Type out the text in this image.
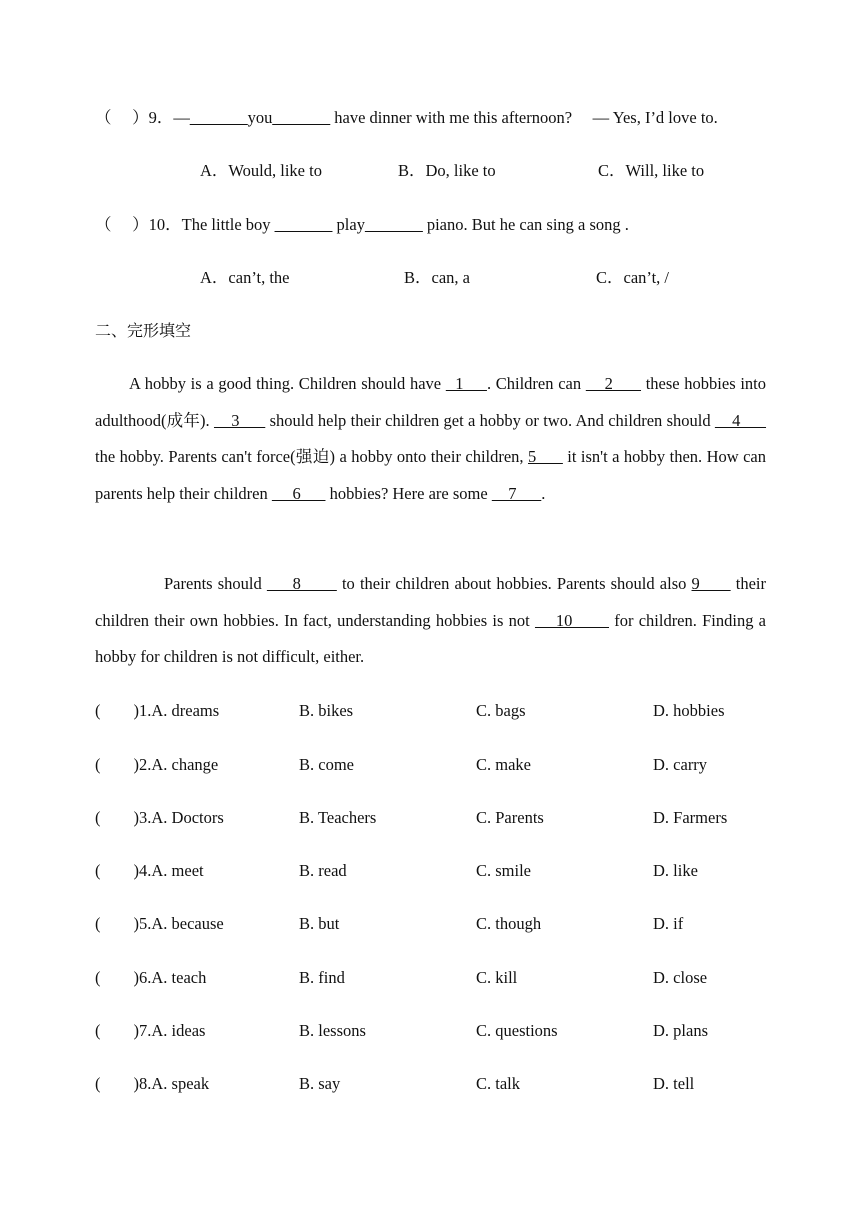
（　 ）9．—_______you_______ have dinner with me this afternoon?　 — Yes, I’d love to.
A．Would, like to	B．Do, like to	C．Will, like to
（　 ）10．The little boy _______ play_______ piano. But he can sing a song .
A．can’t, the	B．can, a	C．can’t, /
二、完形填空

A hobby is a good thing. Children should have   1     . Children can     2       these hobbies into adulthood(成年).     3       should help their children get a hobby or two. And children should     4       the hobby. Parents can't force(强迫) a hobby onto their children, 5       it isn't a hobby then. How can parents help their children      6       hobbies? Here are some     7      .

Parents should      8        to their children about hobbies. Parents should also 9       their children their own hobbies. In fact, understanding hobbies is not     10        for children. Finding a hobby for children is not difficult, either.

(　　)1.A. dreams	B. bikes	C. bags	D. hobbies
(　　)2.A. change	B. come	C. make	D. carry
(　　)3.A. Doctors	B. Teachers	C. Parents	D. Farmers
(　　)4.A. meet	B. read	C. smile	D. like
(　　)5.A. because	B. but	C. though	D. if
(　　)6.A. teach	B. find	C. kill	D. close
(　　)7.A. ideas	B. lessons	C. questions	D. plans
(　　)8.A. speak	B. say	C. talk	D. tell
